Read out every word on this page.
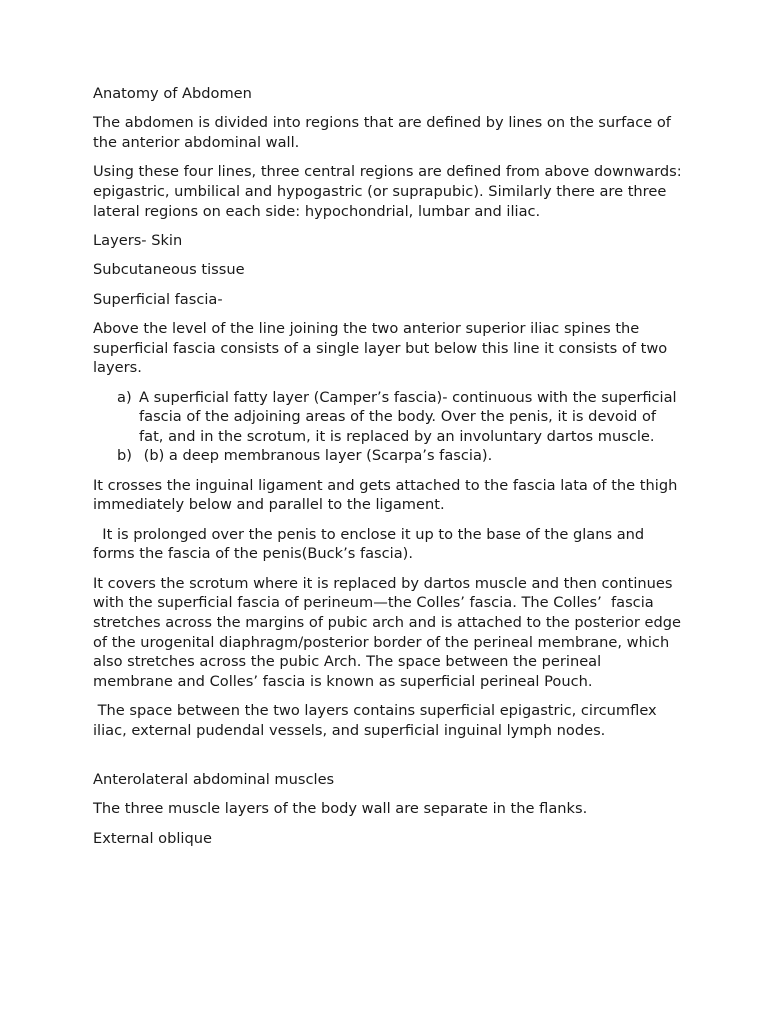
Anatomy of Abdomen

The abdomen is divided into regions that are defined by lines on the surface of the anterior abdominal wall.

Using these four lines, three central regions are defined from above downwards: epigastric, umbilical and hypogastric (or suprapubic). Similarly there are three lateral regions on each side: hypochondrial, lumbar and iliac.

Layers- Skin

Subcutaneous tissue

Superficial fascia-

Above the level of the line joining the two anterior superior iliac spines the superficial fascia consists of a single layer but below this line it consists of two layers.

a) A superficial fatty layer (Camper’s fascia)- continuous with the superficial fascia of the adjoining areas of the body. Over the penis, it is devoid of fat, and in the scrotum, it is replaced by an involuntary dartos muscle.
b) (b) a deep membranous layer (Scarpa’s fascia).

It crosses the inguinal ligament and gets attached to the fascia lata of the thigh immediately below and parallel to the ligament.

It is prolonged over the penis to enclose it up to the base of the glans and forms the fascia of the penis(Buck’s fascia).

It covers the scrotum where it is replaced by dartos muscle and then continues with the superficial fascia of perineum—the Colles’ fascia. The Colles’  fascia stretches across the margins of pubic arch and is attached to the posterior edge of the urogenital diaphragm/posterior border of the perineal membrane, which also stretches across the pubic Arch. The space between the perineal membrane and Colles’ fascia is known as superficial perineal Pouch.

The space between the two layers contains superficial epigastric, circumflex iliac, external pudendal vessels, and superficial inguinal lymph nodes.

Anterolateral abdominal muscles

The three muscle layers of the body wall are separate in the flanks.

External oblique
